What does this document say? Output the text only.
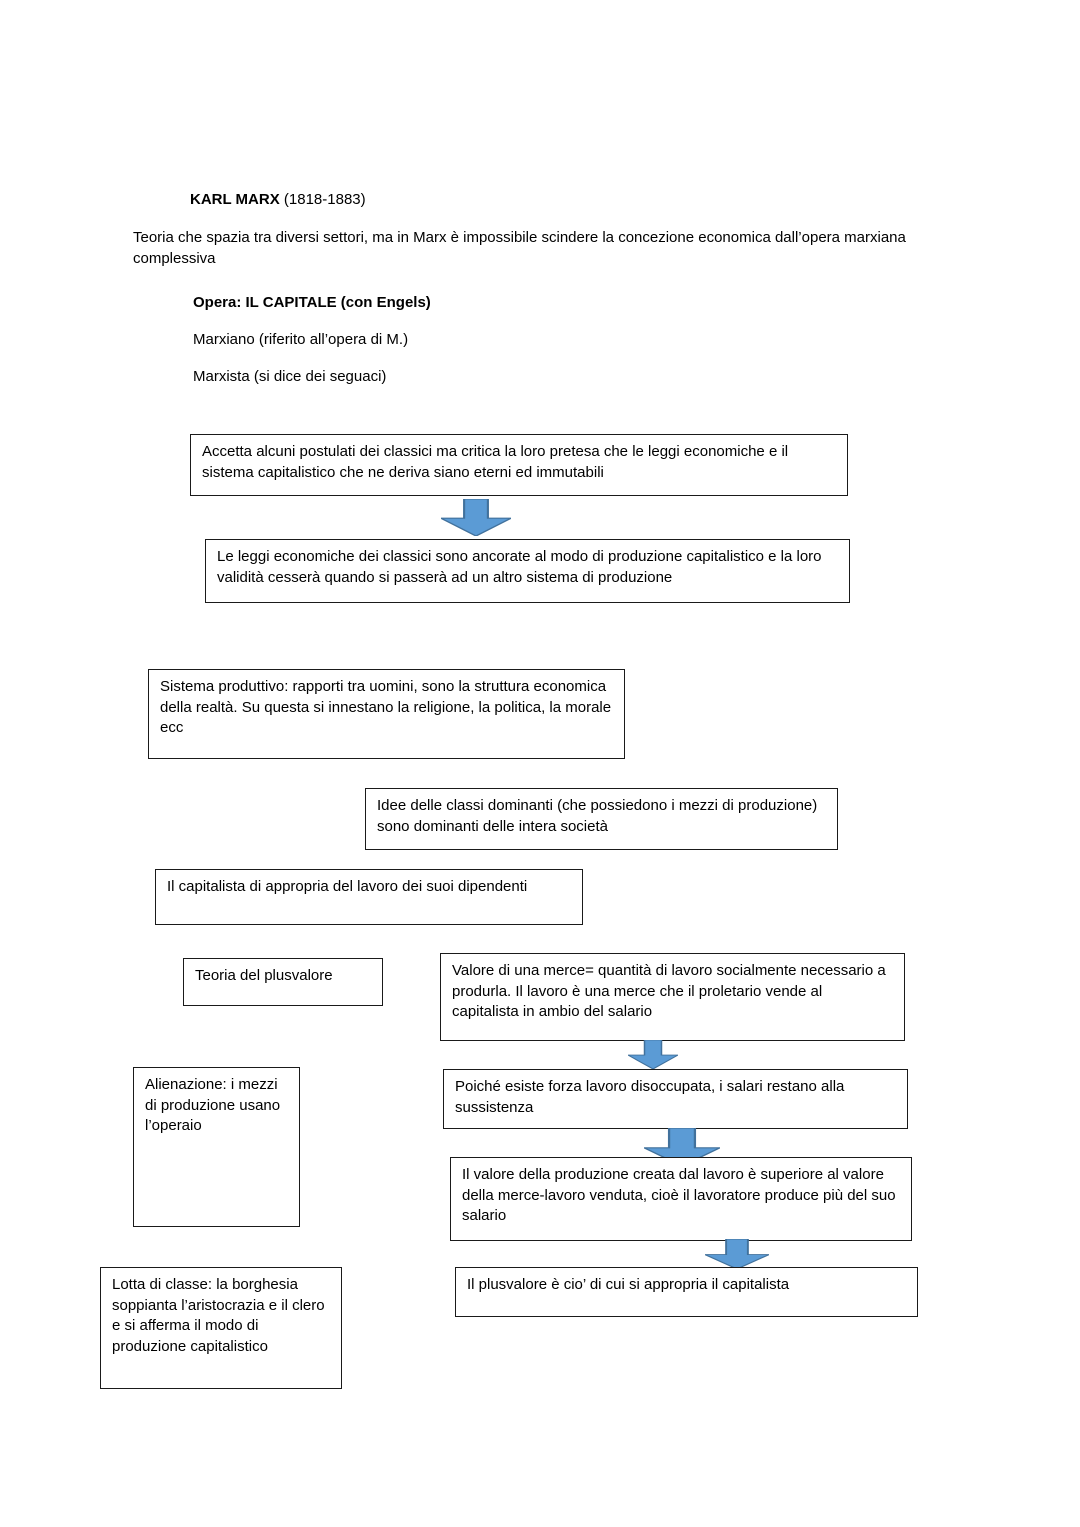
KARL MARX (1818-1883)
Teoria che spazia tra diversi settori, ma in Marx è impossibile scindere la concezione economica dall’opera marxiana complessiva
Opera: IL CAPITALE (con Engels)
Marxiano (riferito all’opera di M.)
Marxista (si dice dei seguaci)
Accetta alcuni postulati dei classici ma critica la loro pretesa che le leggi economiche e il sistema capitalistico che ne deriva siano eterni ed immutabili
Le leggi economiche dei classici sono ancorate al modo di produzione capitalistico e la loro validità cesserà quando si passerà ad un altro sistema di produzione
Sistema produttivo: rapporti tra uomini, sono la struttura economica della realtà. Su questa si innestano la religione, la politica, la morale ecc
Idee delle classi dominanti (che possiedono i mezzi di produzione) sono dominanti delle intera società
Il capitalista di appropria del lavoro dei suoi dipendenti
Teoria del plusvalore	Valore di una merce= quantità di lavoro socialmente necessario a produrla. Il lavoro è una merce che il proletario vende al capitalista in ambio del salario
Alienazione: i mezzi di produzione usano l’operaio
Poiché esiste forza lavoro disoccupata, i salari restano alla sussistenza
Il valore della produzione creata dal lavoro è superiore al valore della merce-lavoro venduta, cioè il lavoratore produce più del suo salario
Il plusvalore è cio’ di cui si appropria il capitalista
Lotta di classe: la borghesia soppianta l’aristocrazia e il clero e si afferma il modo di produzione capitalistico
